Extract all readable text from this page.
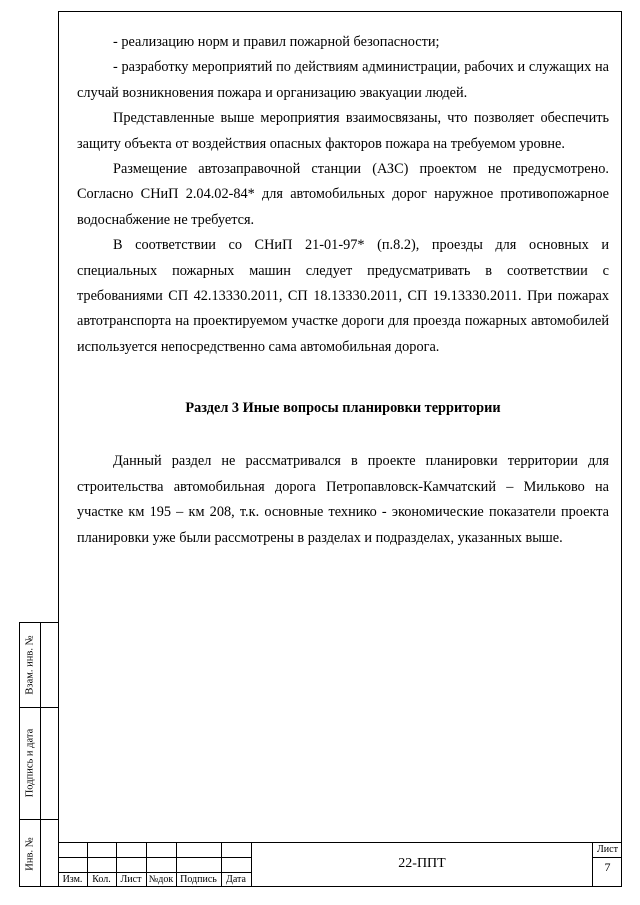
- реализацию норм и правил пожарной безопасности;

- разработку мероприятий по действиям администрации, рабочих и служащих на случай возникновения пожара и организацию эвакуации людей.

Представленные выше мероприятия взаимосвязаны, что позволяет обеспечить защиту объекта от воздействия опасных факторов пожара на требуемом уровне.

Размещение автозаправочной станции (АЗС) проектом не предусмотрено. Согласно СНиП 2.04.02-84* для автомобильных дорог наружное противопожарное водоснабжение не требуется.

В соответствии со СНиП 21-01-97* (п.8.2), проезды для основных и специальных пожарных машин следует предусматривать в соответствии с требованиями СП 42.13330.2011, СП 18.13330.2011, СП 19.13330.2011. При пожарах автотранспорта на проектируемом участке дороги для проезда пожарных автомобилей используется непосредственно сама автомобильная дорога.

Раздел 3 Иные вопросы планировки территории

Данный раздел не рассматривался в проекте планировки территории для строительства автомобильная дорога Петропавловск-Камчатский – Мильково на участке км 195 – км 208, т.к. основные технико - экономические показатели проекта планировки уже были рассмотрены в разделах и подразделах, указанных выше.

Взам. инв. №
Подпись и дата
Инв. №
Изм. Кол. Лист №док Подпись Дата
22-ППТ
Лист
7
